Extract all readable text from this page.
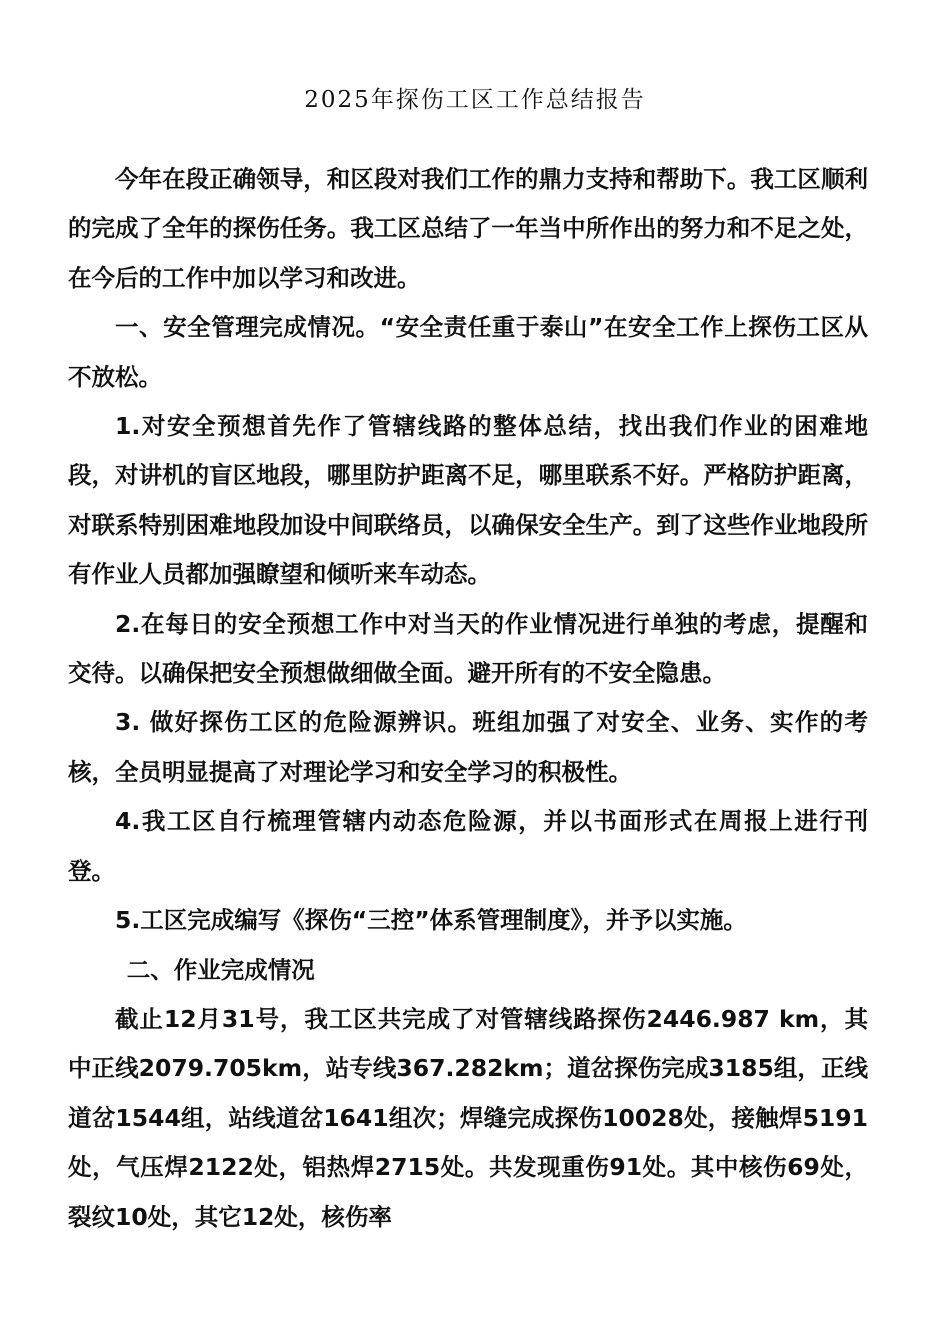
2025年探伤工区工作总结报告

今年在段正确领导，和区段对我们工作的鼎力支持和帮助下。我工区顺利的完成了全年的探伤任务。我工区总结了一年当中所作出的努力和不足之处，在今后的工作中加以学习和改进。

一、安全管理完成情况。“安全责任重于泰山”在安全工作上探伤工区从不放松。

1.对安全预想首先作了管辖线路的整体总结，找出我们作业的困难地段，对讲机的盲区地段，哪里防护距离不足，哪里联系不好。严格防护距离，对联系特别困难地段加设中间联络员，以确保安全生产。到了这些作业地段所有作业人员都加强瞭望和倾听来车动态。

2.在每日的安全预想工作中对当天的作业情况进行单独的考虑，提醒和交待。以确保把安全预想做细做全面。避开所有的不安全隐患。

3. 做好探伤工区的危险源辨识。班组加强了对安全、业务、实作的考核，全员明显提高了对理论学习和安全学习的积极性。

4.我工区自行梳理管辖内动态危险源，并以书面形式在周报上进行刊登。

5.工区完成编写《探伤“三控”体系管理制度》，并予以实施。

二、作业完成情况

截止12月31号，我工区共完成了对管辖线路探伤2446.987 km，其中正线2079.705km，站专线367.282km；道岔探伤完成3185组，正线道岔1544组，站线道岔1641组次；焊缝完成探伤10028处，接触焊5191处，气压焊2122处，铝热焊2715处。共发现重伤91处。其中核伤69处，裂纹10处，其它12处，核伤率
